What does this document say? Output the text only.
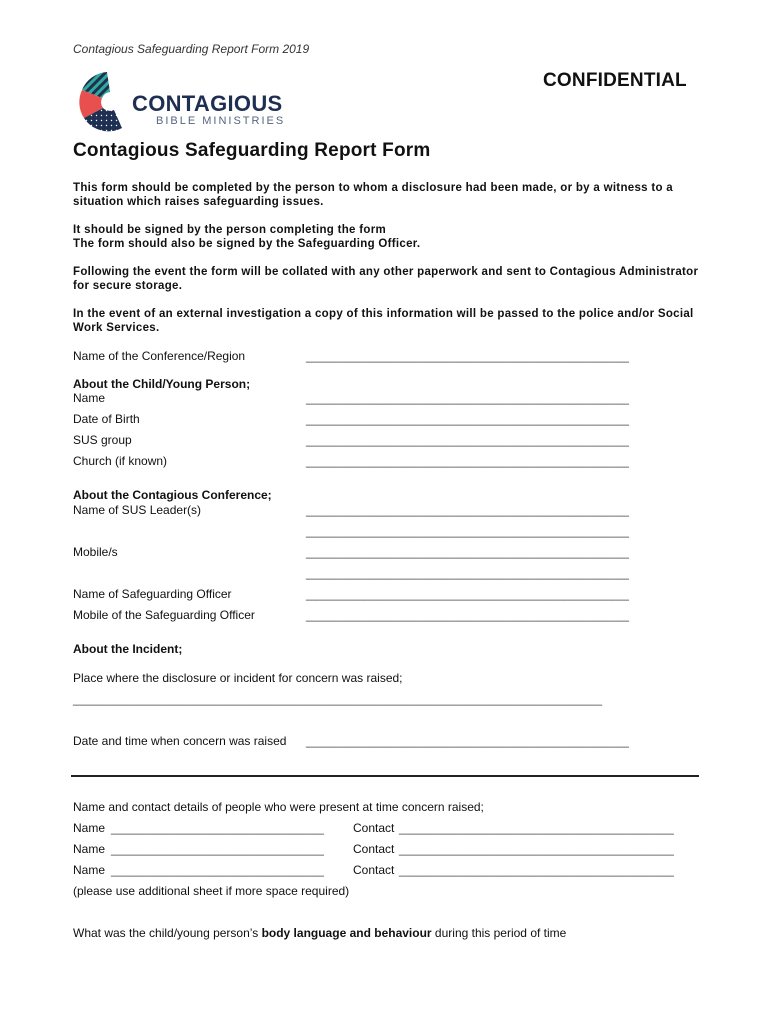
Contagious Safeguarding Report Form 2019
CONTAGIOUS
BIBLE MINISTRIES
CONFIDENTIAL
Contagious Safeguarding Report Form
This form should be completed by the person to whom a disclosure had been made, or by a witness to a situation which raises safeguarding issues.
It should be signed by the person completing the form
The form should also be signed by the Safeguarding Officer.
Following the event the form will be collated with any other paperwork and sent to Contagious Administrator for secure storage.
In the event of an external investigation a copy of this information will be passed to the police and/or Social Work Services.
Name of the Conference/Region	_______________________________________________
About the Child/Young Person;
Name	_______________________________________________
Date of Birth	_______________________________________________
SUS group	_______________________________________________
Church (if known)	_______________________________________________
About the Contagious Conference;
Name of SUS Leader(s)	_______________________________________________
_______________________________________________
Mobile/s	_______________________________________________
_______________________________________________
Name of Safeguarding Officer	_______________________________________________
Mobile of the Safeguarding Officer	_______________________________________________
About the Incident;
Place where the disclosure or incident for concern was raised;
_____________________________________________________________________________
Date and time when concern was raised _______________________________________________
Name and contact details of people who were present at time concern raised;
Name _______________________________ Contact ________________________________________
Name _______________________________ Contact ________________________________________
Name _______________________________ Contact ________________________________________
(please use additional sheet if more space required)
What was the child/young person’s body language and behaviour during this period of time
